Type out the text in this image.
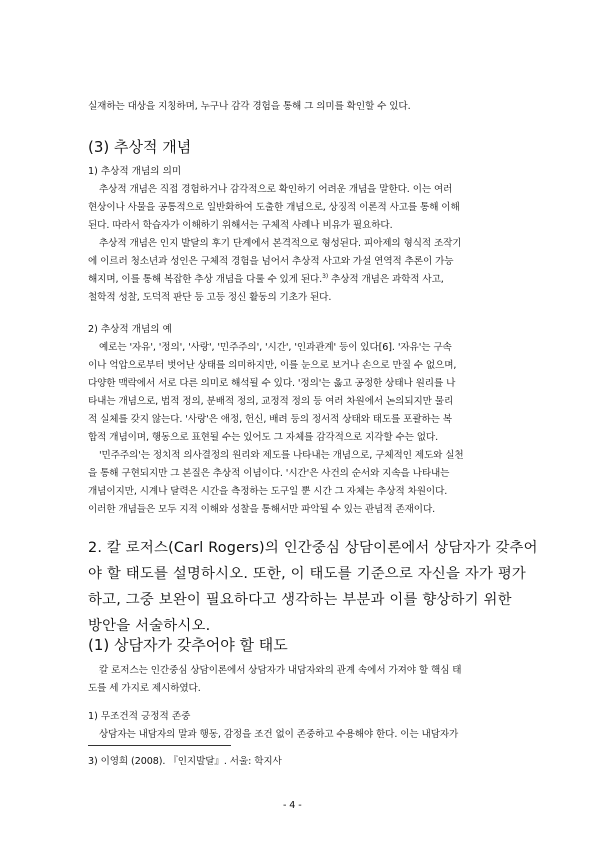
실재하는 대상을 지칭하며, 누구나 감각 경험을 통해 그 의미를 확인할 수 있다.
(3) 추상적 개념
1) 추상적 개념의 의미
추상적 개념은 직접 경험하거나 감각적으로 확인하기 어려운 개념을 말한다. 이는 여러
현상이나 사물을 공통적으로 일반화하여 도출한 개념으로, 상징적 이론적 사고를 통해 이해
된다. 따라서 학습자가 이해하기 위해서는 구체적 사례나 비유가 필요하다.
추상적 개념은 인지 발달의 후기 단계에서 본격적으로 형성된다. 피아제의 형식적 조작기
에 이르러 청소년과 성인은 구체적 경험을 넘어서 추상적 사고와 가설 연역적 추론이 가능
해지며, 이를 통해 복잡한 추상 개념을 다룰 수 있게 된다.$^{3)}$ 추상적 개념은 과학적 사고,
철학적 성찰, 도덕적 판단 등 고등 정신 활동의 기초가 된다.
2) 추상적 개념의 예
예로는 '자유', '정의', '사랑', '민주주의', '시간', '인과관계' 등이 있다[6]. '자유'는 구속
이나 억압으로부터 벗어난 상태를 의미하지만, 이를 눈으로 보거나 손으로 만질 수 없으며,
다양한 맥락에서 서로 다른 의미로 해석될 수 있다. '정의'는 옳고 공정한 상태나 원리를 나
타내는 개념으로, 법적 정의, 분배적 정의, 교정적 정의 등 여러 차원에서 논의되지만 물리
적 실체를 갖지 않는다. '사랑'은 애정, 헌신, 배려 등의 정서적 상태와 태도를 포괄하는 복
합적 개념이며, 행동으로 표현될 수는 있어도 그 자체를 감각적으로 지각할 수는 없다.
'민주주의'는 정치적 의사결정의 원리와 제도를 나타내는 개념으로, 구체적인 제도와 실천
을 통해 구현되지만 그 본질은 추상적 이념이다. '시간'은 사건의 순서와 지속을 나타내는
개념이지만, 시계나 달력은 시간을 측정하는 도구일 뿐 시간 그 자체는 추상적 차원이다.
이러한 개념들은 모두 지적 이해와 성찰을 통해서만 파악될 수 있는 관념적 존재이다.
2. 칼 로저스(Carl Rogers)의 인간중심 상담이론에서 상담자가 갖추어
야 할 태도를 설명하시오. 또한, 이 태도를 기준으로 자신을 자가 평가
하고, 그중 보완이 필요하다고 생각하는 부분과 이를 향상하기 위한
방안을 서술하시오.
(1) 상담자가 갖추어야 할 태도
칼 로저스는 인간중심 상담이론에서 상담자가 내담자와의 관계 속에서 가져야 할 핵심 태
도를 세 가지로 제시하였다.
1) 무조건적 긍정적 존중
상담자는 내담자의 말과 행동, 감정을 조건 없이 존중하고 수용해야 한다. 이는 내담자가
3) 이영희 (2008). 『인지발달』. 서울: 학지사
- 4 -
